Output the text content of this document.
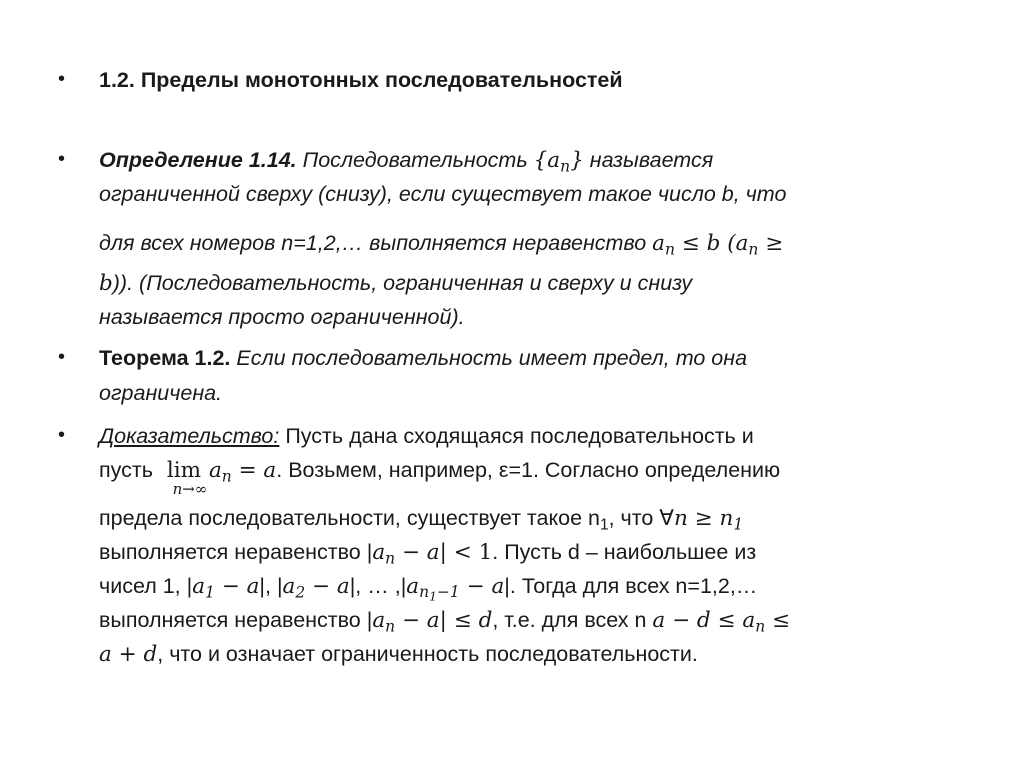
•	1.2. Пределы монотонных последовательностей
•	Определение 1.14. Последовательность $\{a_n\}$ называется
ограниченной сверху (снизу), если существует такое число b, что
для всех номеров n=1,2,… выполняется неравенство $a_n \le b$ ($a_n$ ≥
b)). (Последовательность, ограниченная и сверху и снизу
называется просто ограниченной).
•	Теорема 1.2. Если последовательность имеет предел, то она
ограничена.
•	Доказательство: Пусть дана сходящаяся последовательность и
пусть lim
n→∞
$a_n = a$. Возьмем, например, ε=1. Согласно определению
предела последовательности, существует такое $n_1$, что ∀n ≥ $n_1$
выполняется неравенство $|a_n - a| < 1$. Пусть d – наибольшее из
чисел 1, $|a_1 - a|$, $|a_2 - a|$, … $,|a_{n_1-1} - a|$. Тогда для всех n=1,2,…
выполняется неравенство $|a_n - a| \le d$, т.е. для всех n $a - d \le a_n$ ≤
a + d, что и означает ограниченность последовательности.
